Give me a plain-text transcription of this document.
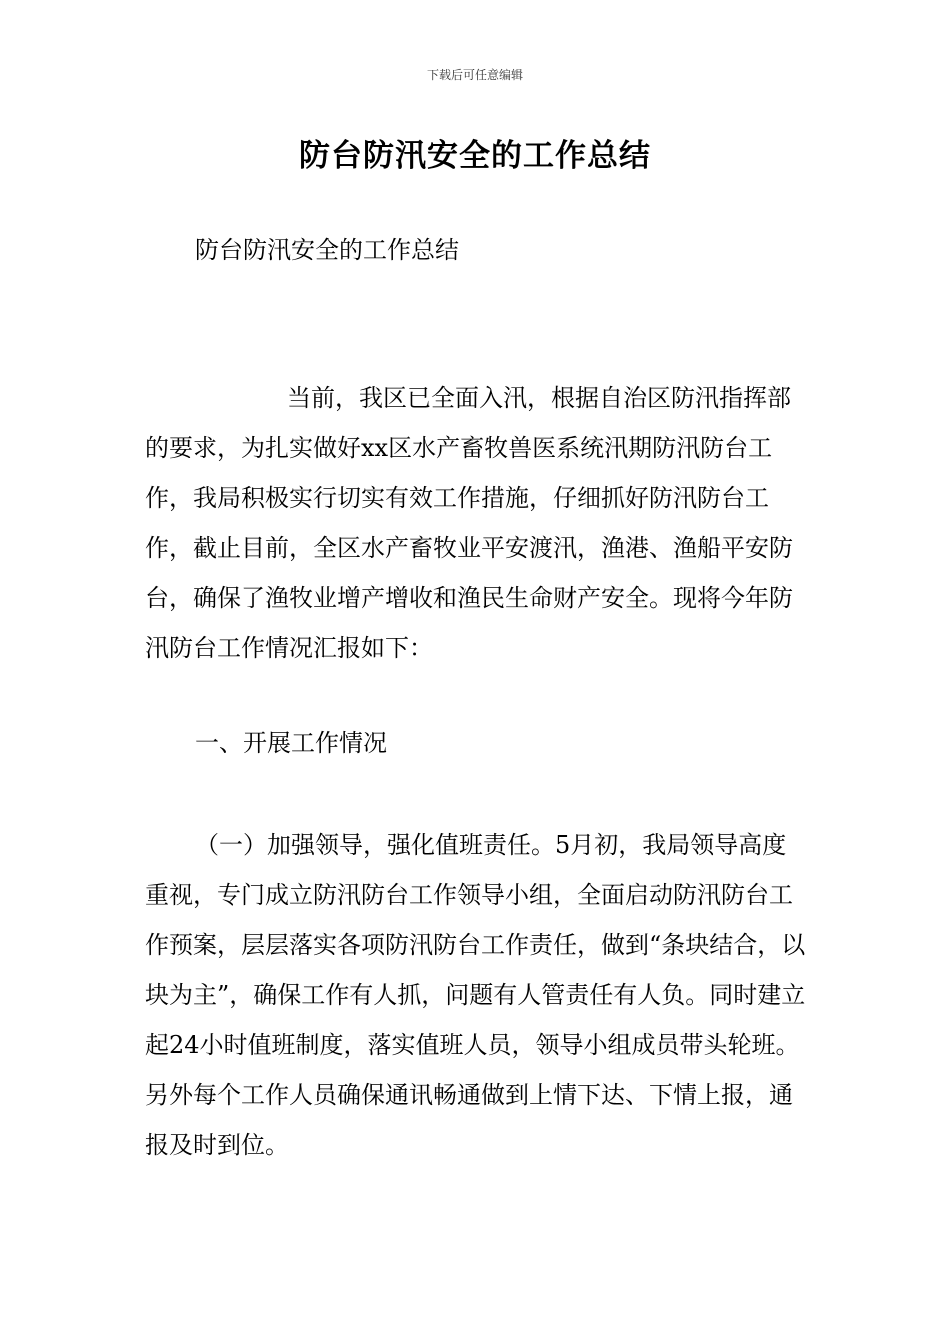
下载后可任意编辑
防台防汛安全的工作总结

防台防汛安全的工作总结

当前，我区已全面入汛，根据自治区防汛指挥部的要求，为扎实做好xx区水产畜牧兽医系统汛期防汛防台工作，我局积极实行切实有效工作措施，仔细抓好防汛防台工作，截止目前，全区水产畜牧业平安渡汛，渔港、渔船平安防台，确保了渔牧业增产增收和渔民生命财产安全。现将今年防汛防台工作情况汇报如下：

一、开展工作情况

（一）加强领导，强化值班责任。5月初，我局领导高度重视，专门成立防汛防台工作领导小组，全面启动防汛防台工作预案，层层落实各项防汛防台工作责任，做到“条块结合，以块为主”，确保工作有人抓，问题有人管责任有人负。同时建立起24小时值班制度，落实值班人员，领导小组成员带头轮班。另外每个工作人员确保通讯畅通做到上情下达、下情上报，通报及时到位。
